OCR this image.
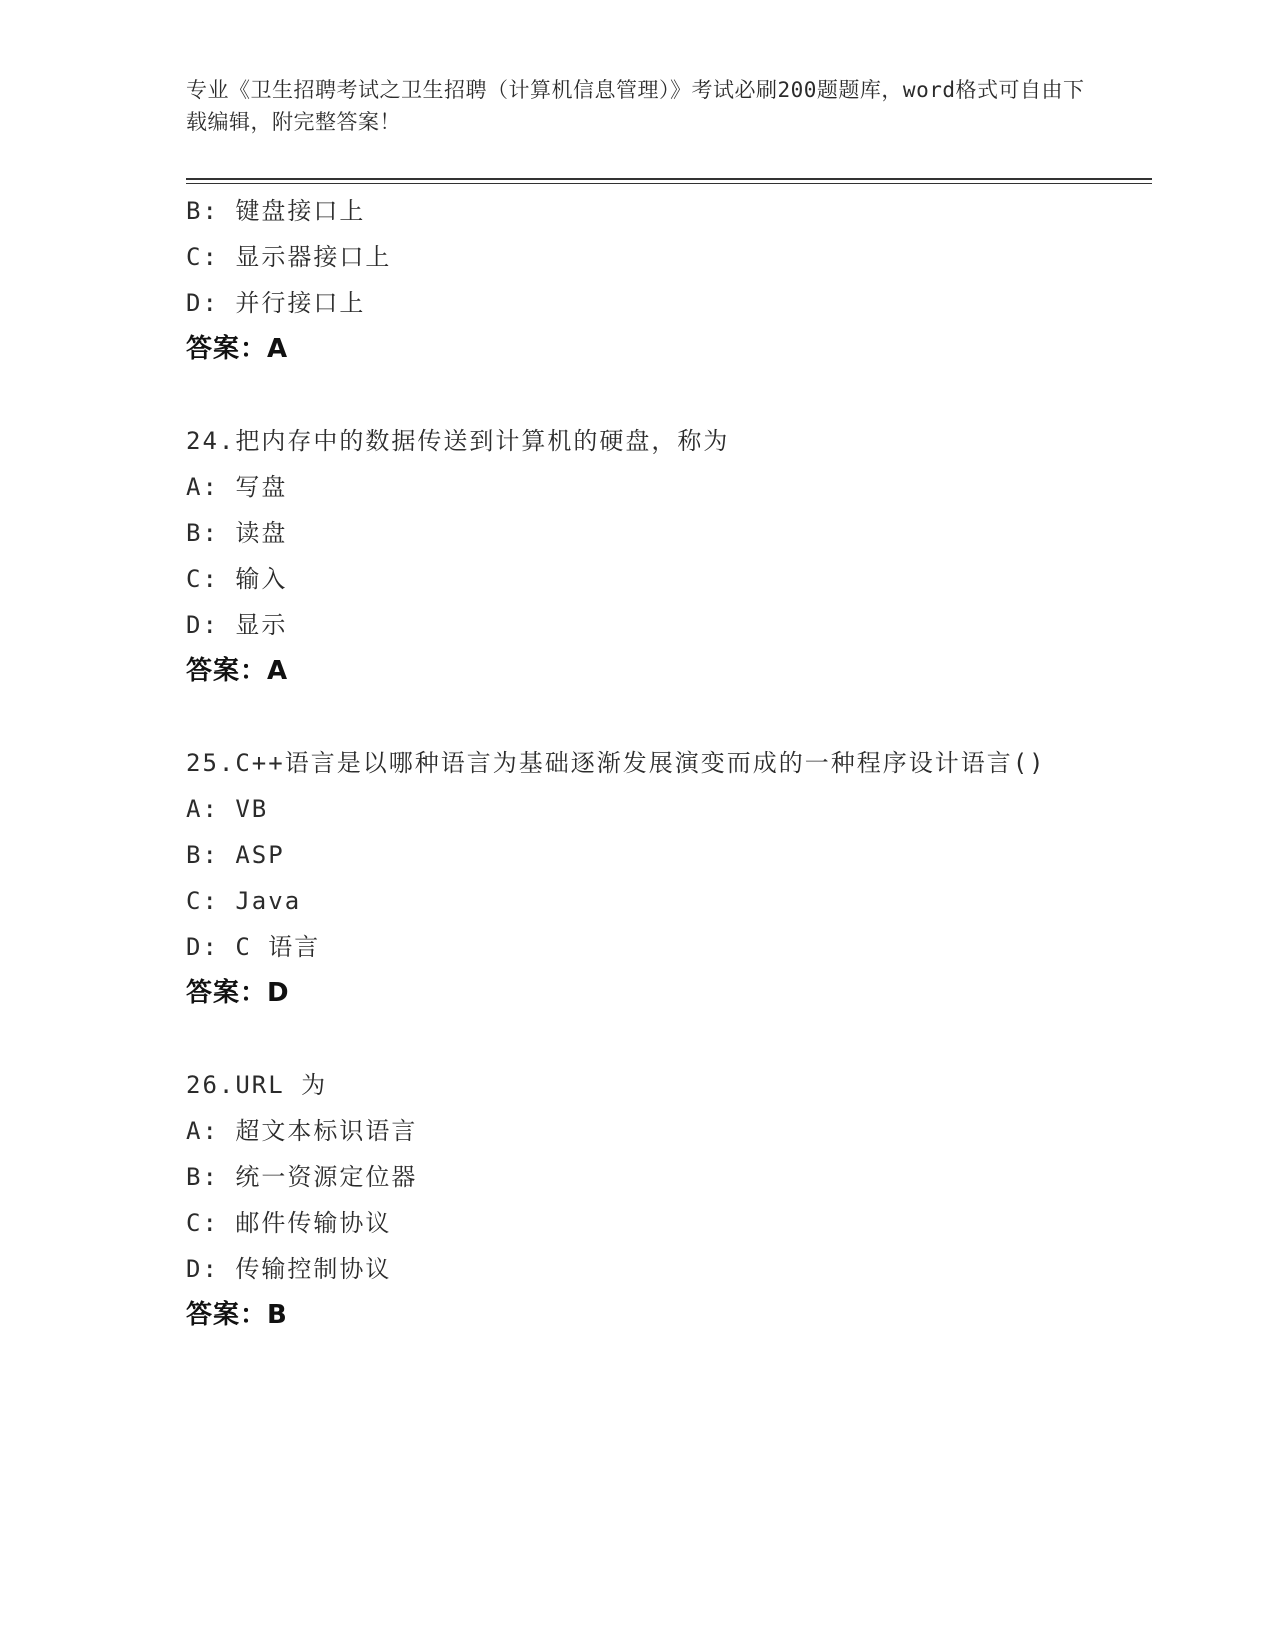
专业《卫生招聘考试之卫生招聘（计算机信息管理）》考试必刷200题题库，word格式可自由下载编辑，附完整答案！
B: 键盘接口上
C: 显示器接口上
D: 并行接口上
答案：A
24.把内存中的数据传送到计算机的硬盘，称为
A: 写盘
B: 读盘
C: 输入
D: 显示
答案：A
25.C++语言是以哪种语言为基础逐渐发展演变而成的一种程序设计语言()
A: VB
B: ASP
C: Java
D: C 语言
答案：D
26.URL 为
A: 超文本标识语言
B: 统一资源定位器
C: 邮件传输协议
D: 传输控制协议
答案：B
